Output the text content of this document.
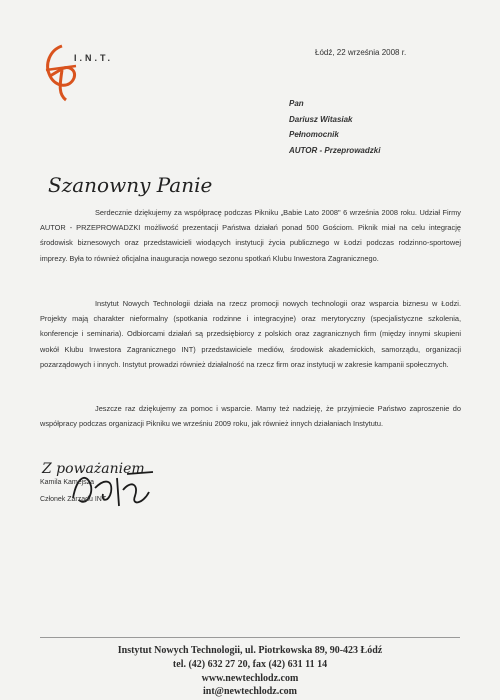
I.N.T.
Łódź, 22 września 2008 r.
Pan
Dariusz Witasiak
Pełnomocnik
AUTOR - Przeprowadzki
Szanowny Panie

Serdecznie dziękujemy za współpracę podczas Pikniku „Babie Lato 2008" 6 września 2008 roku. Udział Firmy AUTOR - PRZEPROWADZKI możliwość prezentacji Państwa działań ponad 500 Gościom. Piknik miał na celu integrację środowisk biznesowych oraz przedstawicieli wiodących instytucji życia publicznego w Łodzi podczas rodzinno-sportowej imprezy. Była to również oficjalna inauguracja nowego sezonu spotkań Klubu Inwestora Zagranicznego.

Instytut Nowych Technologii działa na rzecz promocji nowych technologii oraz wsparcia biznesu w Łodzi. Projekty mają charakter nieformalny (spotkania rodzinne i integracyjne) oraz merytoryczny (specjalistyczne szkolenia, konferencje i seminaria). Odbiorcami działań są przedsiębiorcy z polskich oraz zagranicznych firm (między innymi skupieni wokół Klubu Inwestora Zagranicznego INT) przedstawiciele mediów, środowisk akademickich, samorządu, organizacji pozarządowych i innych. Instytut prowadzi również działalność na rzecz firm oraz instytucji w zakresie kampanii społecznych.

Jeszcze raz dziękujemy za pomoc i wsparcie. Mamy też nadzieję, że przyjmiecie Państwo zaproszenie do współpracy podczas organizacji Pikniku we wrześniu 2009 roku, jak również innych działaniach Instytutu.

Z poważaniem
Kamila Kamejsza
Członek Zarządu INT
Instytut Nowych Technologii, ul. Piotrkowska 89, 90-423 Łódź
tel. (42) 632 27 20, fax (42) 631 11 14
www.newtechlodz.com
int@newtechlodz.com
